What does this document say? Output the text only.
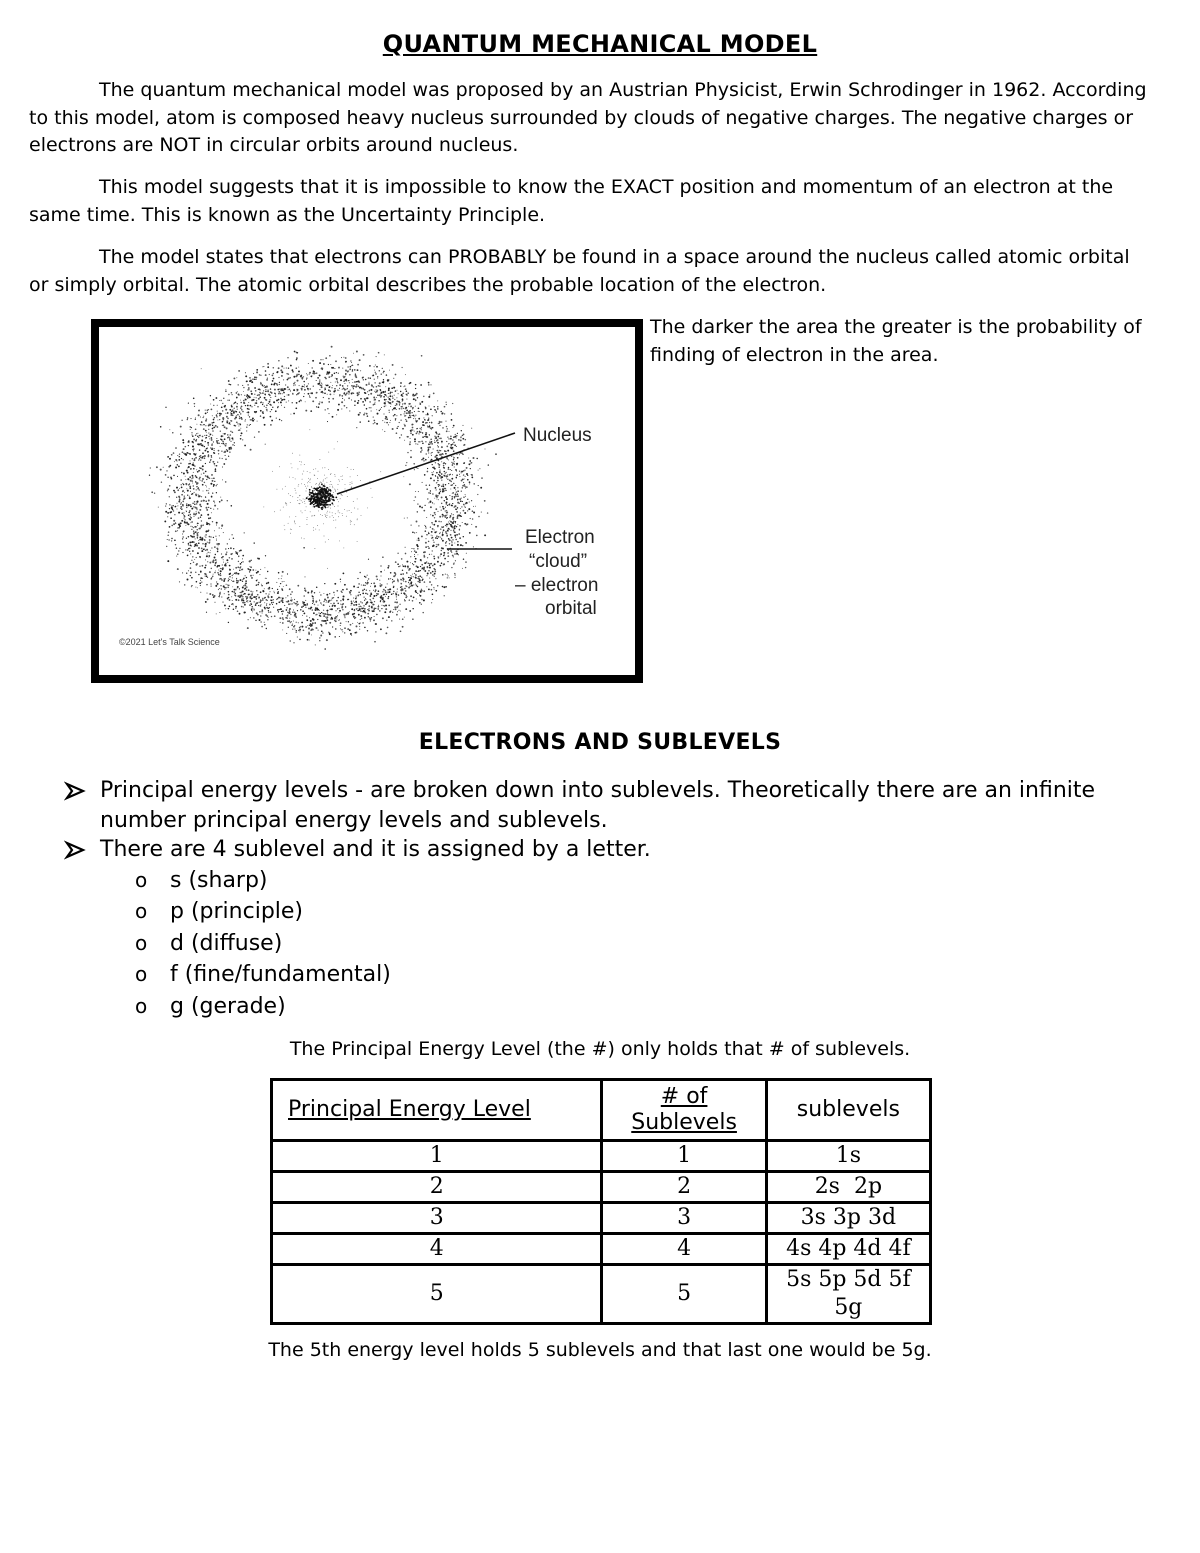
QUANTUM MECHANICAL MODEL

The quantum mechanical model was proposed by an Austrian Physicist, Erwin Schrodinger in 1962. According to this model, atom is composed heavy nucleus surrounded by clouds of negative charges. The negative charges or electrons are NOT in circular orbits around nucleus.

This model suggests that it is impossible to know the EXACT position and momentum of an electron at the same time. This is known as the Uncertainty Principle.

The model states that electrons can PROBABLY be found in a space around the nucleus called atomic orbital or simply orbital. The atomic orbital describes the probable location of the electron.

Nucleus
Electron
“cloud”
– electron
orbital
©2021 Let's Talk Science

The darker the area the greater is the probability of finding of electron in the area.

ELECTRONS AND SUBLEVELS

Principal energy levels - are broken down into sublevels. Theoretically there are an infinite number principal energy levels and sublevels.

There are 4 sublevel and it is assigned by a letter.

o s (sharp)

o p (principle)

o d (diffuse)

o f (fine/fundamental)

o g (gerade)

The Principal Energy Level (the #) only holds that # of sublevels.
Principal Energy Level	# of Sublevels	sublevels
1	1	1s
2	2	2s  2p
3	3	3s 3p 3d
4	4	4s 4p 4d 4f
5	5	5s 5p 5d 5f 5g
The 5th energy level holds 5 sublevels and that last one would be 5g.
